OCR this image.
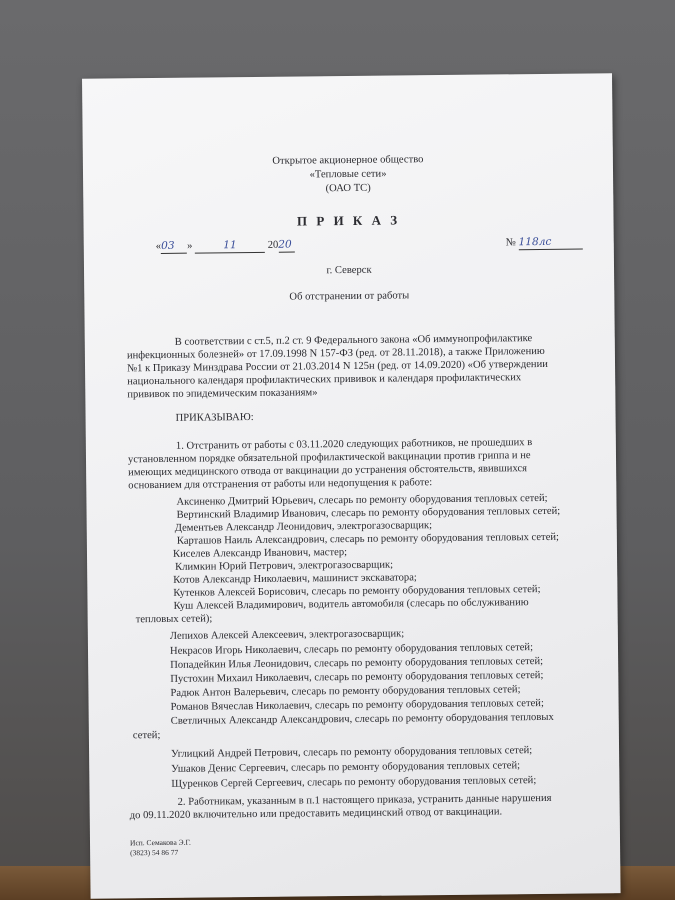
Открытое акционерное общество
«Тепловые сети»
(ОАО ТС)
П Р И К А З
«03 »	11	2020	№ 118лс
г. Северск
Об отстранении от работы
В соответствии с ст.5, п.2 ст. 9 Федерального закона «Об иммунопрофилактике
инфекционных болезней» от 17.09.1998 N 157-ФЗ (ред. от 28.11.2018), а также Приложению
№1 к Приказу Минздрава России от 21.03.2014 N 125н (ред. от 14.09.2020) «Об утверждении
национального календаря профилактических прививок и календаря профилактических
прививок по эпидемическим показаниям»
ПРИКАЗЫВАЮ:
1. Отстранить от работы с 03.11.2020 следующих работников, не прошедших в
установленном порядке обязательной профилактической вакцинации против гриппа и не
имеющих медицинского отвода от вакцинации до устранения обстоятельств, явившихся
основанием для отстранения от работы или недопущения к работе:
Аксиненко Дмитрий Юрьевич, слесарь по ремонту оборудования тепловых сетей;
Вертинский Владимир Иванович, слесарь по ремонту оборудования тепловых сетей;
Дементьев Александр Леонидович, электрогазосварщик;
Карташов Наиль Александрович, слесарь по ремонту оборудования тепловых сетей;
Киселев Александр Иванович, мастер;
Климкин Юрий Петрович, электрогазосварщик;
Котов Александр Николаевич, машинист экскаватора;
Кутенков Алексей Борисович, слесарь по ремонту оборудования тепловых сетей;
Куш Алексей Владимирович, водитель автомобиля (слесарь по обслуживанию
тепловых сетей);
Лепихов Алексей Алексеевич, электрогазосварщик;
Некрасов Игорь Николаевич, слесарь по ремонту оборудования тепловых сетей;
Попадейкин Илья Леонидович, слесарь по ремонту оборудования тепловых сетей;
Пустохин Михаил Николаевич, слесарь по ремонту оборудования тепловых сетей;
Радюк Антон Валерьевич, слесарь по ремонту оборудования тепловых сетей;
Романов Вячеслав Николаевич, слесарь по ремонту оборудования тепловых сетей;
Светличных Александр Александрович, слесарь по ремонту оборудования тепловых
сетей;
Углицкий Андрей Петрович, слесарь по ремонту оборудования тепловых сетей;
Ушаков Денис Сергеевич, слесарь по ремонту оборудования тепловых сетей;
Щуренков Сергей Сергеевич, слесарь по ремонту оборудования тепловых сетей;
2. Работникам, указанным в п.1 настоящего приказа, устранить данные нарушения
до 09.11.2020 включительно или предоставить медицинский отвод от вакцинации.
Исп. Семакова Э.Г.
(3823) 54 86 77
